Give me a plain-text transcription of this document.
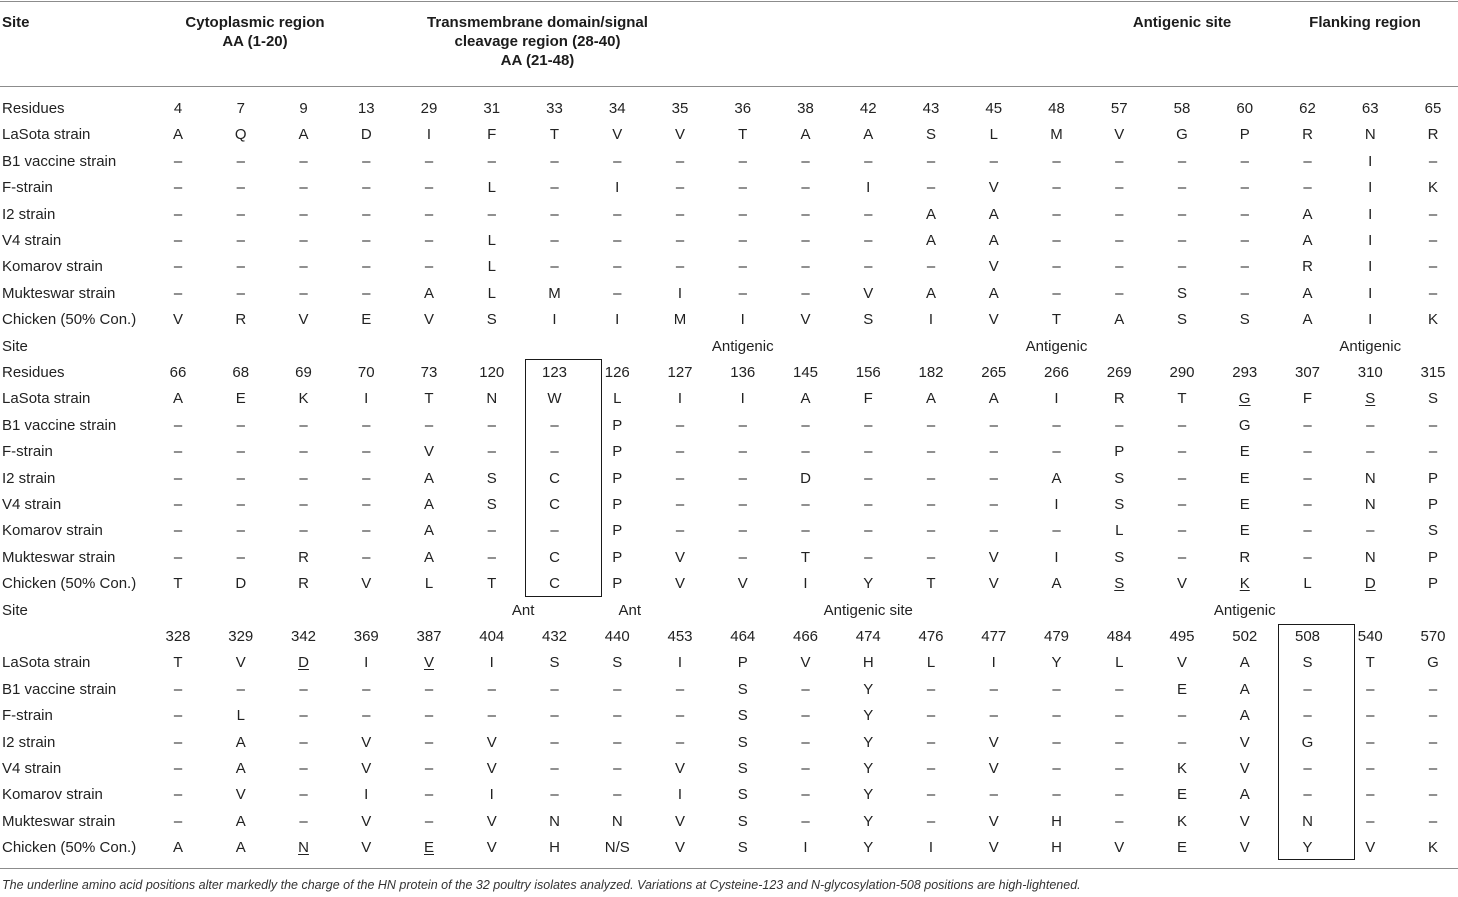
Site	Cytoplasmic region
AA (1-20)
Transmembrane domain/signal
cleavage region (28-40)
AA (21-48)
Antigenic site	Flanking region
Residues	4	7	9	13	29	31	33	34	35	36	38	42	43	45	48	57	58	60	62	63	65
LaSota strain	A	Q	A	D	I	F	T	V	V	T	A	A	S	L	M	V	G	P	R	N	R
B1 vaccine strain	–	–	–	–	–	–	–	–	–	–	–	–	–	–	–	–	–	–	–	I	–
F-strain	–	–	–	–	–	L	–	I	–	–	–	I	–	V	–	–	–	–	–	I	K
I2 strain	–	–	–	–	–	–	–	–	–	–	–	–	A	A	–	–	–	–	A	I	–
V4 strain	–	–	–	–	–	L	–	–	–	–	–	–	A	A	–	–	–	–	A	I	–
Komarov strain	–	–	–	–	–	L	–	–	–	–	–	–	–	V	–	–	–	–	R	I	–
Mukteswar strain	–	–	–	–	A	L	M	–	I	–	–	V	A	A	–	–	S	–	A	I	–
Chicken (50% Con.)	V	R	V	E	V	S	I	I	M	I	V	S	I	V	T	A	S	S	A	I	K
Site	Antigenic	Antigenic	Antigenic
Residues	66	68	69	70	73	120	123	126	127	136	145	156	182	265	266	269	290	293	307	310	315
LaSota strain	A	E	K	I	T	N	W	L	I	I	A	F	A	A	I	R	T	G	F	S	S
B1 vaccine strain	–	–	–	–	–	–	–	P	–	–	–	–	–	–	–	–	–	G	–	–	–
F-strain	–	–	–	–	V	–	–	P	–	–	–	–	–	–	–	P	–	E	–	–	–
I2 strain	–	–	–	–	A	S	C	P	–	–	D	–	–	–	A	S	–	E	–	N	P
V4 strain	–	–	–	–	A	S	C	P	–	–	–	–	–	–	I	S	–	E	–	N	P
Komarov strain	–	–	–	–	A	–	–	P	–	–	–	–	–	–	–	L	–	E	–	–	S
Mukteswar strain	–	–	R	–	A	–	C	P	V	–	T	–	–	V	I	S	–	R	–	N	P
Chicken (50% Con.)	T	D	R	V	L	T	C	P	V	V	I	Y	T	V	A	S	V	K	L	D	P
Site	Ant	Ant	Antigenic site	Antigenic
328	329	342	369	387	404	432	440	453	464	466	474	476	477	479	484	495	502	508	540	570
LaSota strain	T	V	D	I	V	I	S	S	I	P	V	H	L	I	Y	L	V	A	S	T	G
B1 vaccine strain	–	–	–	–	–	–	–	–	–	S	–	Y	–	–	–	–	E	A	–	–	–
F-strain	–	L	–	–	–	–	–	–	–	S	–	Y	–	–	–	–	–	A	–	–	–
I2 strain	–	A	–	V	–	V	–	–	–	S	–	Y	–	V	–	–	–	V	G	–	–
V4 strain	–	A	–	V	–	V	–	–	V	S	–	Y	–	V	–	–	K	V	–	–	–
Komarov strain	–	V	–	I	–	I	–	–	I	S	–	Y	–	–	–	–	E	A	–	–	–
Mukteswar strain	–	A	–	V	–	V	N	N	V	S	–	Y	–	V	H	–	K	V	N	–	–
Chicken (50% Con.)	A	A	N	V	E	V	H	N/S	V	S	I	Y	I	V	H	V	E	V	Y	V	K
The underline amino acid positions alter markedly the charge of the HN protein of the 32 poultry isolates analyzed. Variations at Cysteine-123 and N-glycosylation-508 positions are high-lightened.
